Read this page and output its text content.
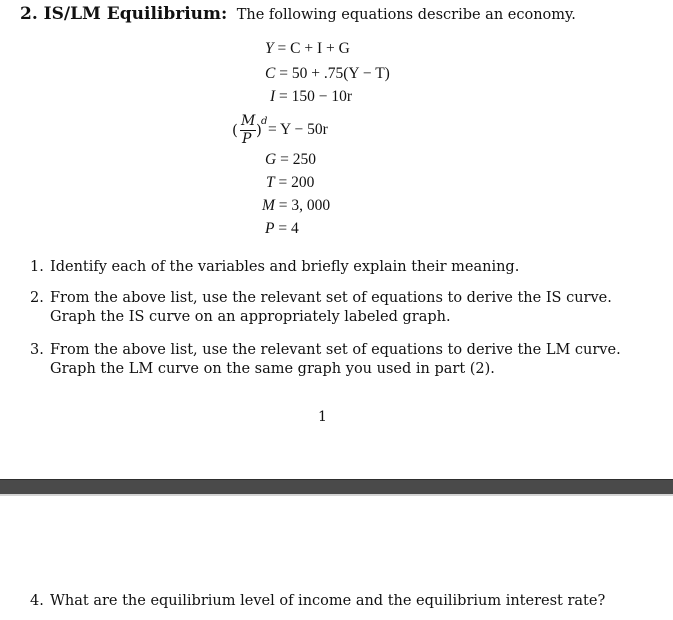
2. IS/LM Equilibrium: The following equations describe an economy.
Y = C + I + G
C = 50 + .75(Y − T)
I = 150 − 10r
( M
P ) d = Y − 50r
G = 250
T = 200
M = 3, 000
P = 4
1. Identify each of the variables and briefly explain their meaning.
2. From the above list, use the relevant set of equations to derive the IS curve. Graph the IS curve on an appropriately labeled graph.
3. From the above list, use the relevant set of equations to derive the LM curve. Graph the LM curve on the same graph you used in part (2).
1
4. What are the equilibrium level of income and the equilibrium interest rate?
